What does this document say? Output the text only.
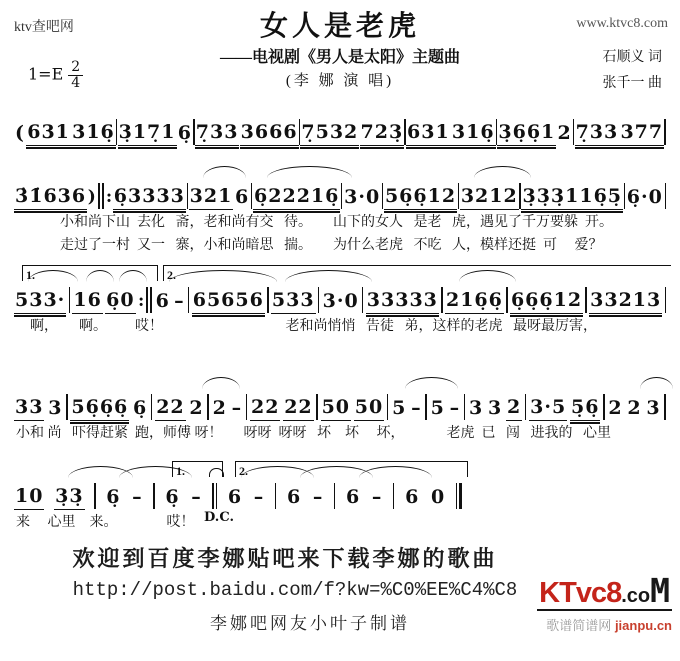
ktv查吧网	女人是老虎	www.ktvc8.com
——电视剧《男人是太阳》主题曲
(李 娜 演 唱)
石顺义 词
张千一 曲
$1=E \frac{2}{4}$
( 631 316̣ 3̣17̣1 6̣ 7̣33 3666 7̣532 723̣ 631 316̣ 3̣6̣6̣1 2 7̣33 377
3̇1̇636 ) : 6̣3333 321 6 6̣22216̣ 3·0 56̣6̣12 3212 3̣3̣3̣116̣5̣ 6̣·0
小和尚下山  去化   斋，老和尚有交   待。      山下的女人   是老   虎，遇见了千万要躲  开。
走过了一村  又一   寨，小和尚暗思   揣。      为什么老虎   不吃   人，模样还挺  可     爱？
533· 16 6̣0 : 6 – 65656 533 3·0 33333 216̣6̣ 6̣6̣6̣12 33213
啊，      啊。        哎！                                   老和尚悄悄   告徒   弟，这样的老虎   最呀最厉害，
1.	2.
33 3 56̣6̣6̣ 6̣ 22 2 2 – 22 22 50 50 5 – 5 – 3 3 2 3·5 5̣6̣ 2 2 3
小和 尚   吓得赶紧  跑，师傅 呀！      呀呀  呀呀   坏    坏     坏，            老虎  已   闯   进我的   心里
10 3̣3̣ 6̣ – 6̣ – 6 – 6 – 6 – 6 0
来     心里    来。              哎！
1.	2.
D.C.
欢迎到百度李娜贴吧来下载李娜的歌曲
http://post.baidu.com/f?kw=%C0%EE%C4%C8
李娜吧网友小叶子制谱
KTvc8.coM
歌谱简谱网 jianpu.cn
